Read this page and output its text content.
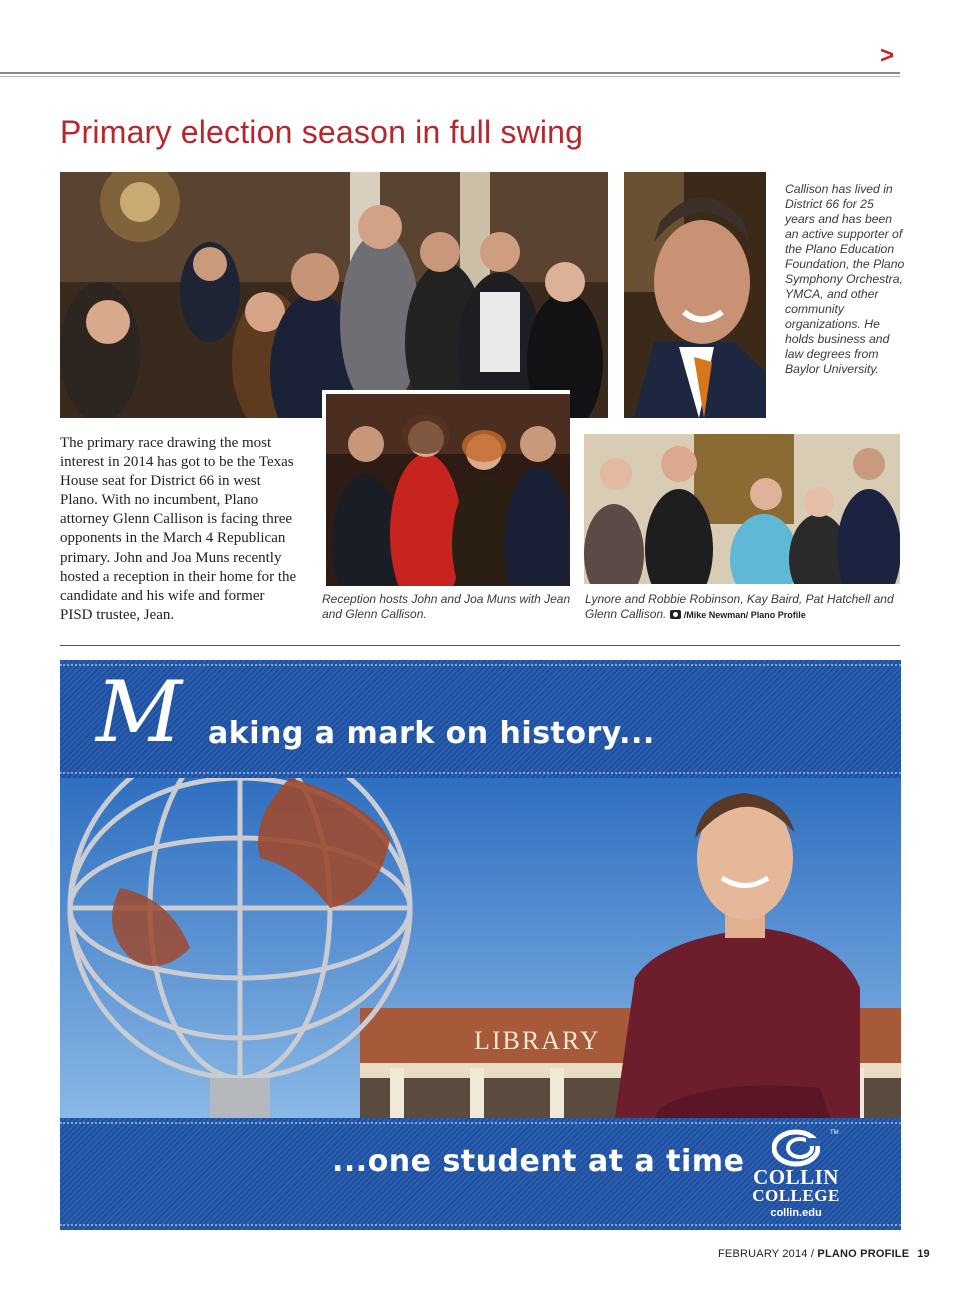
>
Primary election season in full swing
Callison has lived in District 66 for 25 years and has been an active supporter of the Plano Education Foundation, the Plano Symphony Orchestra, YMCA, and other community organizations. He holds business and law degrees from Baylor University.
The primary race drawing the most interest in 2014 has got to be the Texas House seat for District 66 in west Plano. With no incumbent, Plano attorney Glenn Callison is facing three opponents in the March 4 Republican primary. John and Joa Muns recently hosted a reception in their home for the candidate and his wife and former PISD trustee, Jean.
Reception hosts John and Joa Muns with Jean and Glenn Callison.
Lynore and Robbie Robinson, Kay Baird, Pat Hatchell and Glenn Callison. /Mike Newman/ Plano Profile
M aking a mark on history...
LIBRARY
...one student at a time
TM
COLLIN
COLLEGE
collin.edu
FEBRUARY 2014 / PLANO PROFILE 19
